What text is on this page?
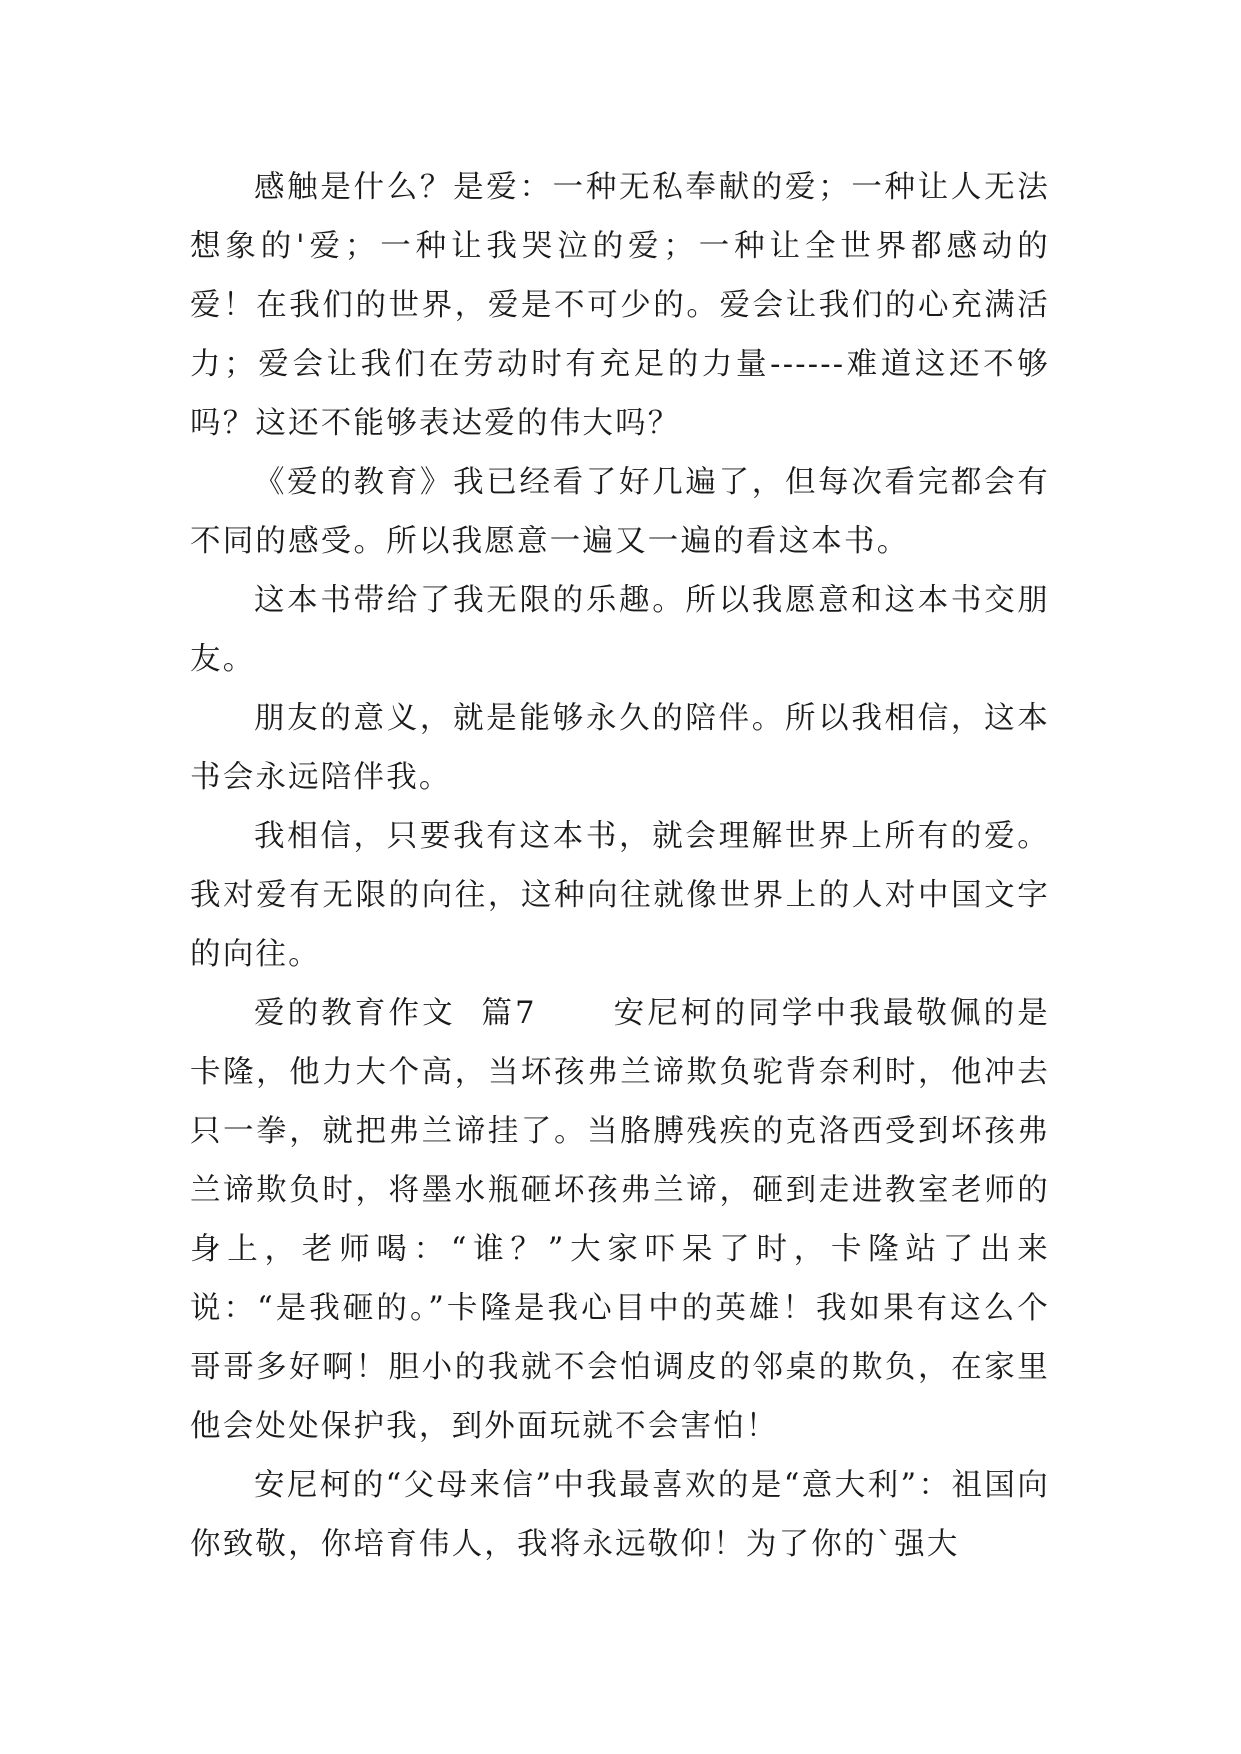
感触是什么？是爱：一种无私奉献的爱；一种让人无法想象的'爱；一种让我哭泣的爱；一种让全世界都感动的爱！在我们的世界，爱是不可少的。爱会让我们的心充满活力；爱会让我们在劳动时有充足的力量------难道这还不够吗？这还不能够表达爱的伟大吗？

《爱的教育》我已经看了好几遍了，但每次看完都会有不同的感受。所以我愿意一遍又一遍的看这本书。

这本书带给了我无限的乐趣。所以我愿意和这本书交朋友。

朋友的意义，就是能够永久的陪伴。所以我相信，这本书会永远陪伴我。

我相信，只要我有这本书，就会理解世界上所有的爱。我对爱有无限的向往，这种向往就像世界上的人对中国文字的向往。

爱的教育作文  篇7      安尼柯的同学中我最敬佩的是卡隆，他力大个高，当坏孩弗兰谛欺负驼背奈利时，他冲去只一拳，就把弗兰谛挂了。当胳膊残疾的克洛西受到坏孩弗兰谛欺负时，将墨水瓶砸坏孩弗兰谛，砸到走进教室老师的身上，老师喝：“谁？”大家吓呆了时，卡隆站了出来说：“是我砸的。”卡隆是我心目中的英雄！我如果有这么个哥哥多好啊！胆小的我就不会怕调皮的邻桌的欺负，在家里他会处处保护我，到外面玩就不会害怕！

安尼柯的“父母来信”中我最喜欢的是“意大利”：祖国向你致敬，你培育伟人，我将永远敬仰！为了你的`强大
